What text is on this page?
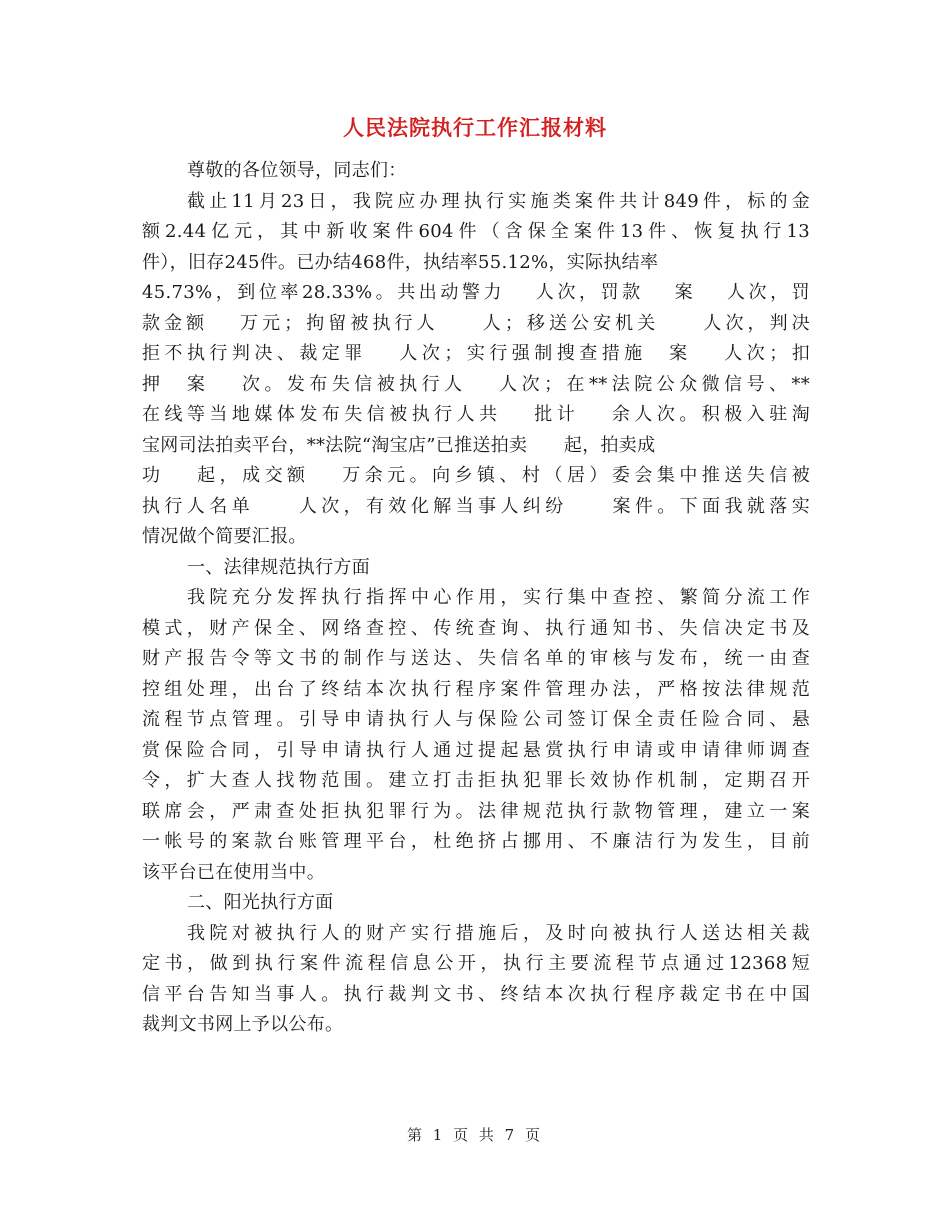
人民法院执行工作汇报材料
尊敬的各位领导，同志们：
截止11月23日，我院应办理执行实施类案件共计849件，标的金
额2.44亿元，其中新收案件604件（含保全案件13件、恢复执行13
件），旧存245件。已办结468件，执结率55.12%，实际执结率
45.73%，到位率28.33%。共出动警力　 人次，罚款　 案　 人次，罚
款金额　 万元；拘留被执行人　　人；移送公安机关　　人次，判决
拒不执行判决、裁定罪　 人次；实行强制搜查措施　案　 人次；扣
押　案　 次。发布失信被执行人　 人次；在**法院公众微信号、**
在线等当地媒体发布失信被执行人共　 批计　 余人次。积极入驻淘
宝网司法拍卖平台，**法院“淘宝店”已推送拍卖　　起，拍卖成
功　 起，成交额　 万余元。向乡镇、村（居）委会集中推送失信被
执行人名单　　人次，有效化解当事人纠纷　　案件。下面我就落实
情况做个简要汇报。
一、法律规范执行方面
我院充分发挥执行指挥中心作用，实行集中查控、繁简分流工作
模式，财产保全、网络查控、传统查询、执行通知书、失信决定书及
财产报告令等文书的制作与送达、失信名单的审核与发布，统一由查
控组处理，出台了终结本次执行程序案件管理办法，严格按法律规范
流程节点管理。引导申请执行人与保险公司签订保全责任险合同、悬
赏保险合同，引导申请执行人通过提起悬赏执行申请或申请律师调查
令，扩大查人找物范围。建立打击拒执犯罪长效协作机制，定期召开
联席会，严肃查处拒执犯罪行为。法律规范执行款物管理，建立一案
一帐号的案款台账管理平台，杜绝挤占挪用、不廉洁行为发生，目前
该平台已在使用当中。
二、阳光执行方面
我院对被执行人的财产实行措施后，及时向被执行人送达相关裁
定书，做到执行案件流程信息公开，执行主要流程节点通过12368短
信平台告知当事人。执行裁判文书、终结本次执行程序裁定书在中国
裁判文书网上予以公布。
第 1 页 共 7 页
